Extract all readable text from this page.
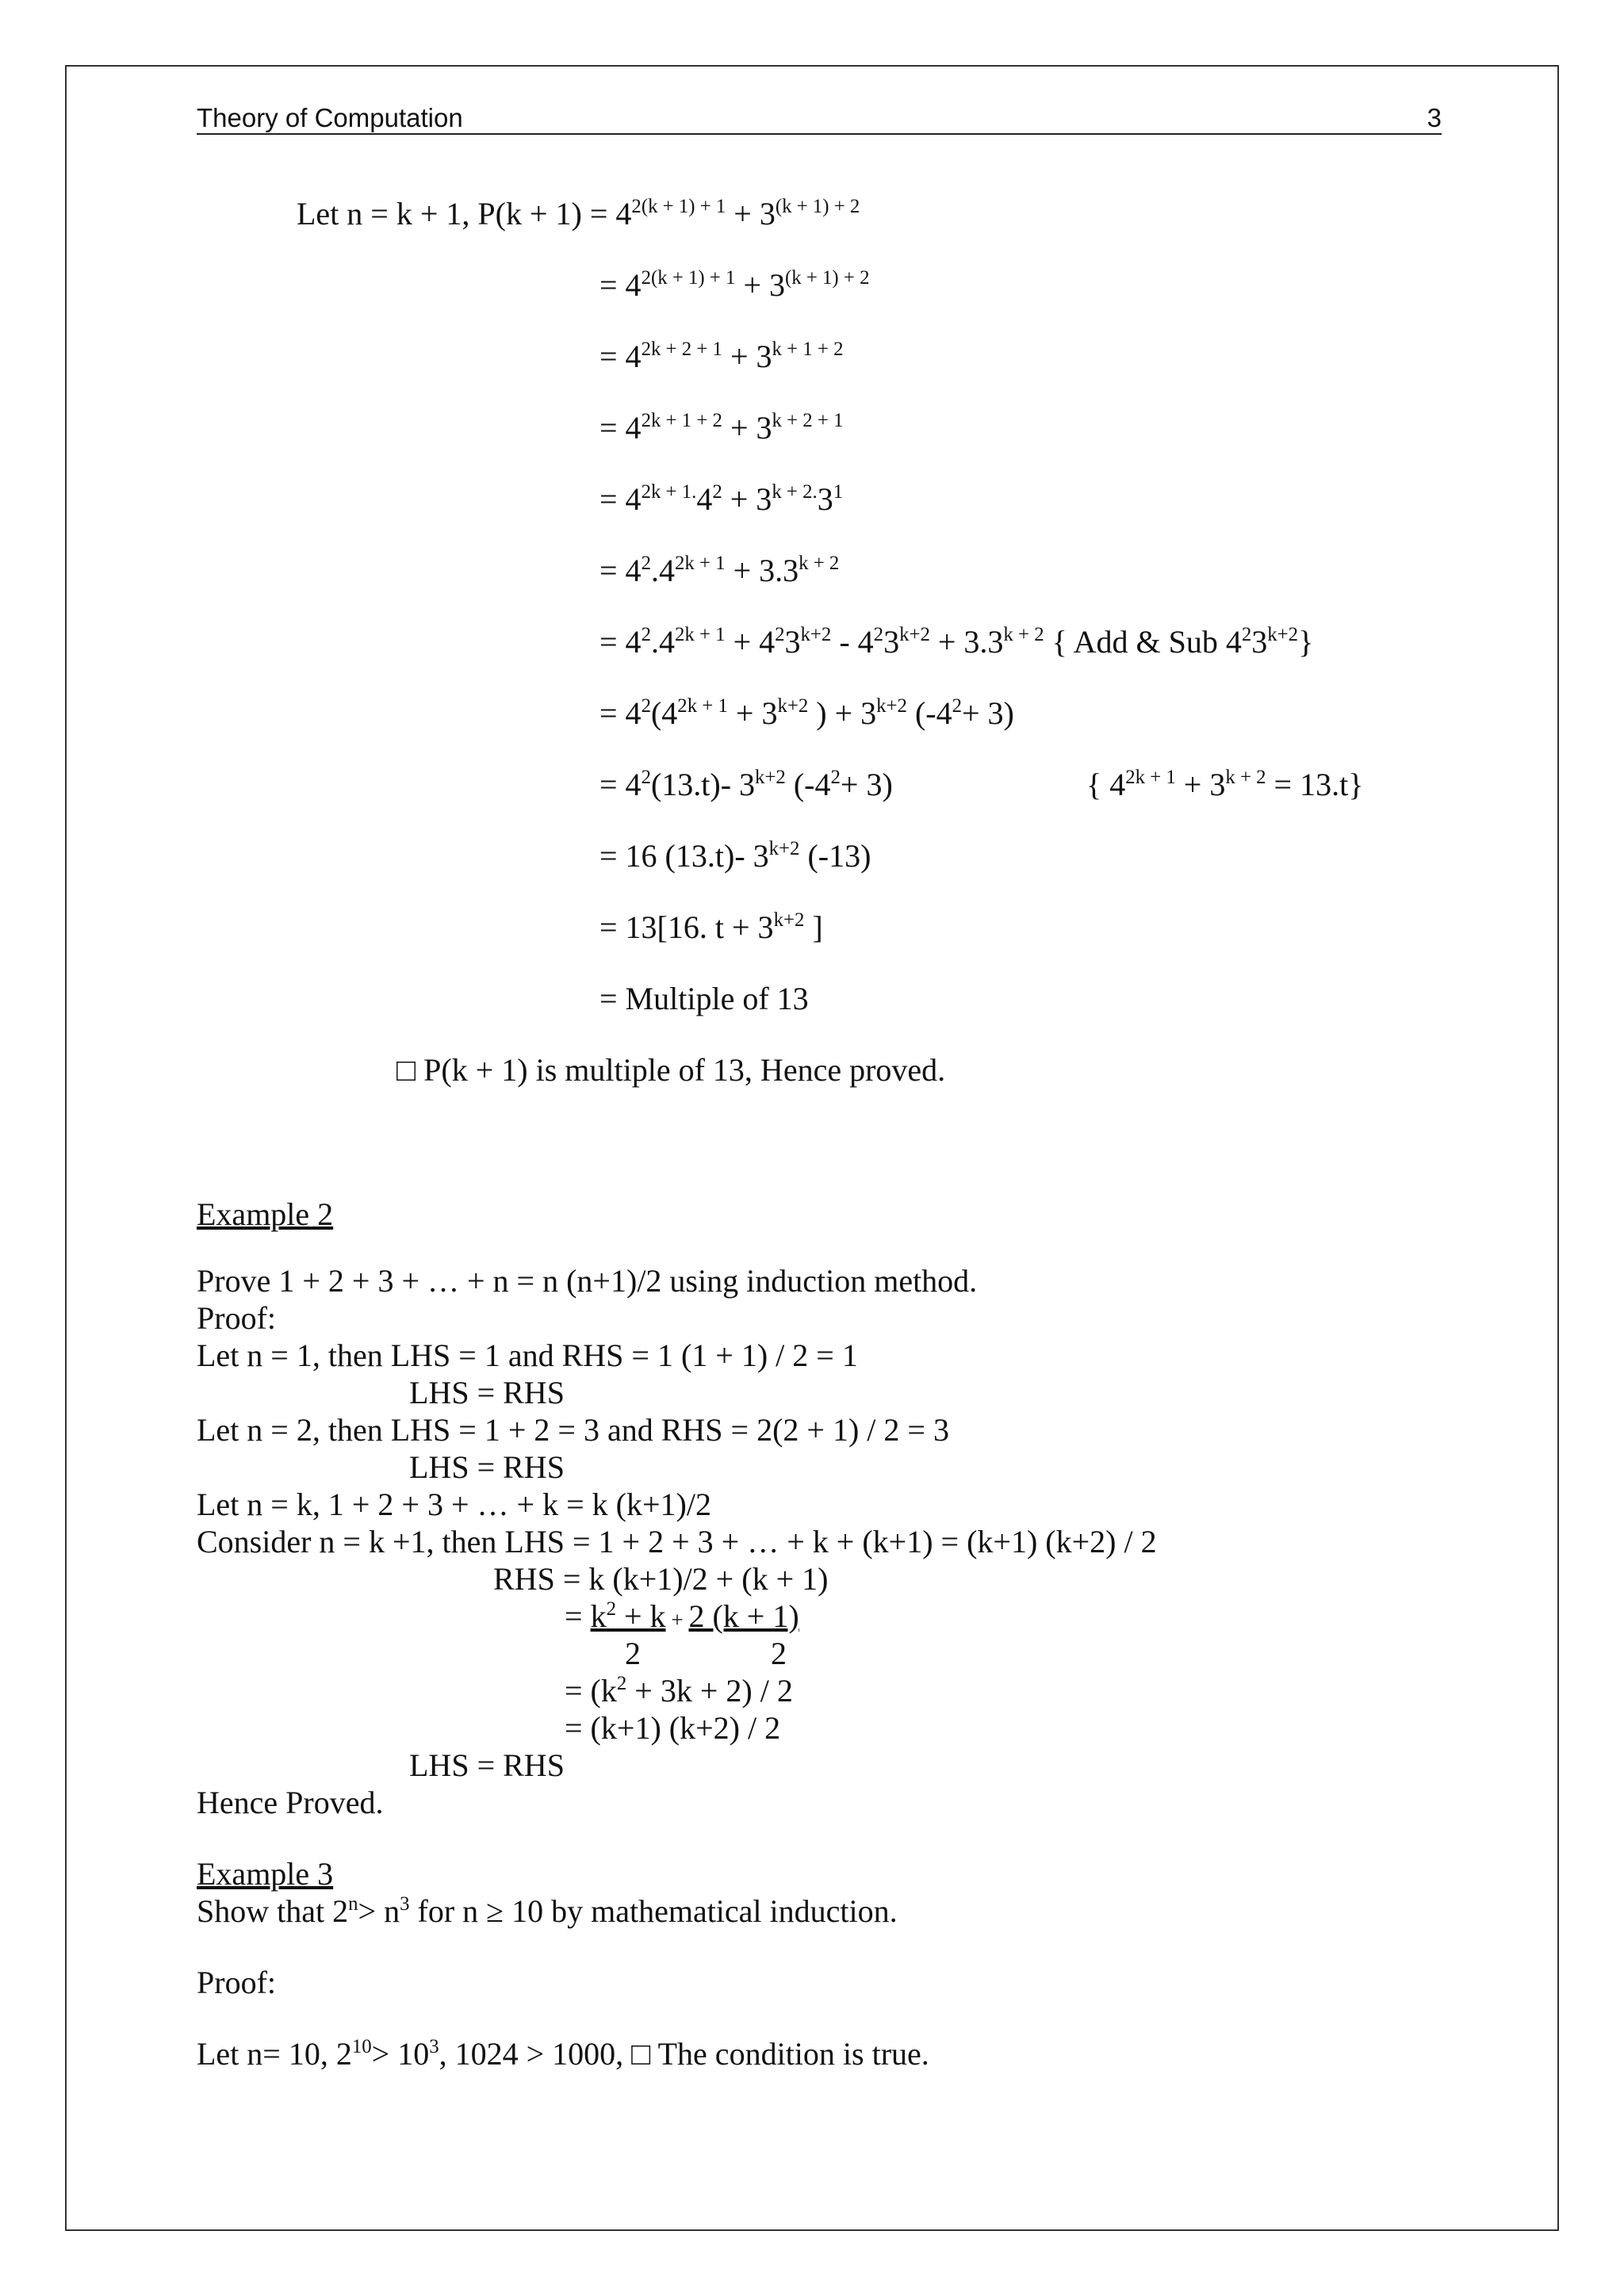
Theory of Computation	3
Let n = k + 1, $P(k + 1) = 4^{2(k + 1) + 1} + 3^{(k + 1) + 2}$
= $4^{2(k + 1) + 1} + 3^{(k + 1) + 2}$
= $4^{2k + 2 + 1} + 3^{k + 1 + 2}$
= $4^{2k + 1 + 2} + 3^{k + 2 + 1}$
= $4^{2k + 1.}4^2 + 3^{k + 2.}3^1$
= $4^2.4^{2k + 1} + 3.3^{k + 2}$
= $4^2.4^{2k + 1} + 4^23^{k+2} - 4^23^{k+2} + 3.3^{k + 2}$ { Add & Sub $4^23^{k+2}$}
= $4^2(4^{2k + 1} + 3^{k+2}$ ) + $3^{k+2}$ $(-4^2+ 3)$
= $4^2(13.t)-$ $3^{k+2}$ $(-4^2+ 3)$	{ $4^{2k + 1} + 3^{k + 2} = 13.t$}
= 16 (13.t)- $3^{k+2}$ (-13)
= 13[16. $t + 3^{k+2}$ ]
= Multiple of 13
□ P(k + 1) is multiple of 13, Hence proved.
Example 2
Prove 1 + 2 + 3 + … + n = n (n+1)/2 using induction method.
Proof:
Let n = 1, then LHS = 1 and RHS = 1 (1 + 1) / 2 = 1
LHS = RHS
Let n = 2, then LHS = 1 + 2 = 3 and RHS = 2(2 + 1) / 2 = 3
LHS = RHS
Let n = k, 1 + 2 + 3 + … + k = k (k+1)/2
Consider n = k +1, then LHS = 1 + 2 + 3 + … + k + (k+1) = (k+1) (k+2) / 2
RHS = k (k+1)/2 + (k + 1)
= $k^2 + k + 2$ (k + 1)
2	2
= $(k^2 + 3k + 2) / 2$
= (k+1) (k+2) / 2
LHS = RHS
Hence Proved.
Example 3
Show that $2^n> n^3$ for n ≥ 10 by mathematical induction.
Proof:
Let n= 10, $2^{10}> 10^3$, 1024 > 1000, □ The condition is true.
